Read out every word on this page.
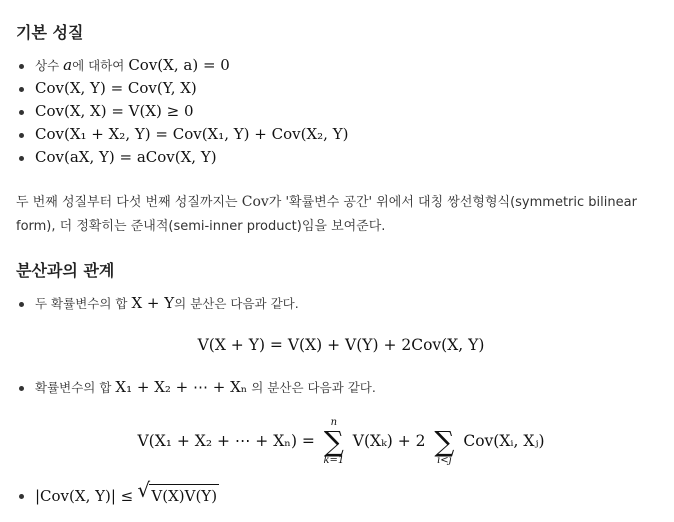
기본 성질
상수 a에 대하여 Cov(X, a) = 0
Cov(X, Y) = Cov(Y, X)
Cov(X, X) = V(X) ≥ 0
Cov(X₁ + X₂, Y) = Cov(X₁, Y) + Cov(X₂, Y)
Cov(aX, Y) = aCov(X, Y)

두 번째 성질부터 다섯 번째 성질까지는 Cov가 '확률변수 공간' 위에서 대칭 쌍선형형식(symmetric bilinear form), 더 정확히는 준내적(semi-inner product)임을 보여준다.

분산과의 관계
두 확률변수의 합 X + Y의 분산은 다음과 같다.
V(X + Y) = V(X) + V(Y) + 2Cov(X, Y)
확률변수의 합 X₁ + X₂ + ⋯ + Xₙ 의 분산은 다음과 같다.
V(X₁ + X₂ + ⋯ + Xₙ) =
n
∑
k=1
V(Xₖ) + 2
∑
i<j
Cov(Xᵢ, Xⱼ)
|Cov(X, Y)| ≤ √ V(X)V(Y)
